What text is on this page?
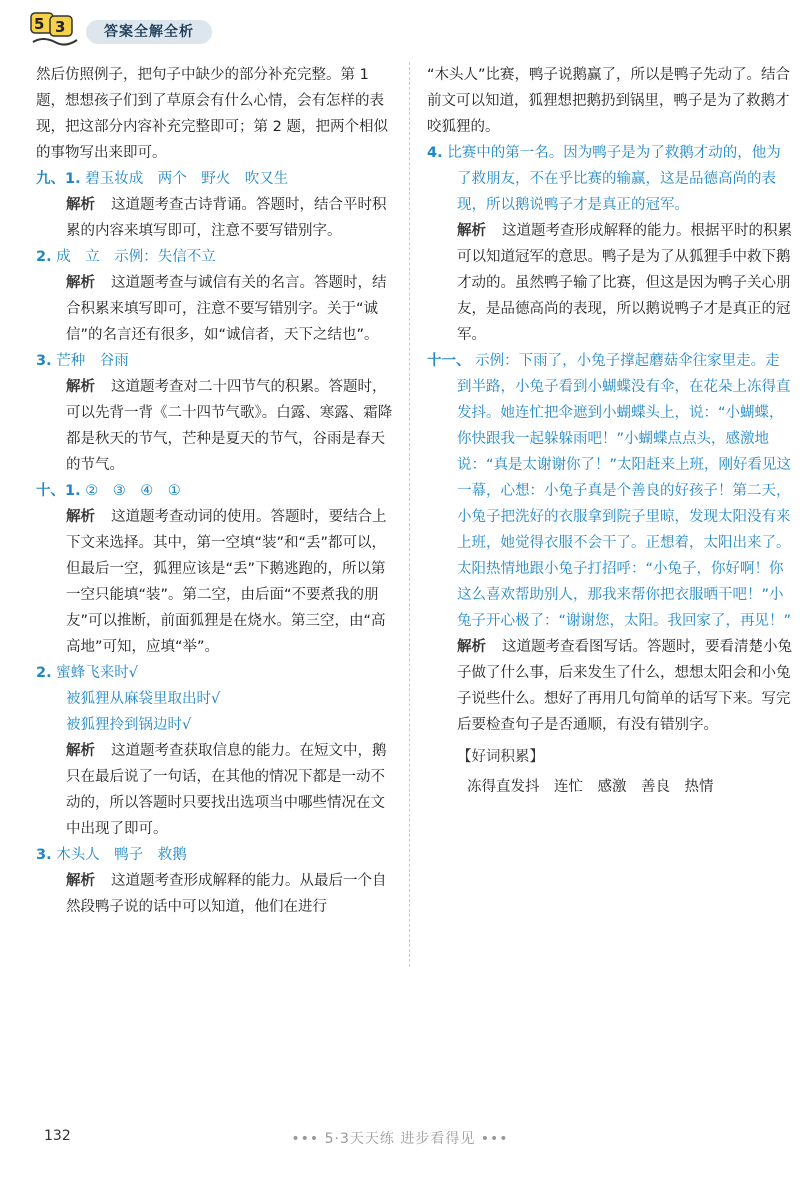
5 3	答案全解全析

然后仿照例子，把句子中缺少的部分补充完整。第 1 题，想想孩子们到了草原会有什么心情，会有怎样的表现，把这部分内容补充完整即可；第 2 题，把两个相似的事物写出来即可。

九、1. 碧玉妆成　两个　野火　吹又生

解析 这道题考查古诗背诵。答题时，结合平时积累的内容来填写即可，注意不要写错别字。

2. 成　立　示例：失信不立

解析 这道题考查与诚信有关的名言。答题时，结合积累来填写即可，注意不要写错别字。关于“诚信”的名言还有很多，如“诚信者，天下之结也”。

3. 芒种　谷雨

解析 这道题考查对二十四节气的积累。答题时，可以先背一背《二十四节气歌》。白露、寒露、霜降都是秋天的节气，芒种是夏天的节气，谷雨是春天的节气。

十、1. ②　③　④　①

解析 这道题考查动词的使用。答题时，要结合上下文来选择。其中，第一空填“装”和“丢”都可以，但最后一空，狐狸应该是“丢”下鹅逃跑的，所以第一空只能填“装”。第二空，由后面“不要煮我的朋友”可以推断，前面狐狸是在烧水。第三空，由“高高地”可知，应填“举”。

2. 蜜蜂飞来时√

被狐狸从麻袋里取出时√

被狐狸拎到锅边时√

解析 这道题考查获取信息的能力。在短文中，鹅只在最后说了一句话，在其他的情况下都是一动不动的，所以答题时只要找出选项当中哪些情况在文中出现了即可。

3. 木头人　鸭子　救鹅

解析 这道题考查形成解释的能力。从最后一个自然段鸭子说的话中可以知道，他们在进行

“木头人”比赛，鸭子说鹅赢了，所以是鸭子先动了。结合前文可以知道，狐狸想把鹅扔到锅里，鸭子是为了救鹅才咬狐狸的。

4. 比赛中的第一名。因为鸭子是为了救鹅才动的，他为了救朋友，不在乎比赛的输赢，这是品德高尚的表现，所以鹅说鸭子才是真正的冠军。

解析 这道题考查形成解释的能力。根据平时的积累可以知道冠军的意思。鸭子是为了从狐狸手中救下鹅才动的。虽然鸭子输了比赛，但这是因为鸭子关心朋友，是品德高尚的表现，所以鹅说鸭子才是真正的冠军。

十一、 示例：下雨了，小兔子撑起蘑菇伞往家里走。走到半路，小兔子看到小蝴蝶没有伞，在花朵上冻得直发抖。她连忙把伞遮到小蝴蝶头上，说：“小蝴蝶，你快跟我一起躲躲雨吧！”小蝴蝶点点头，感激地说：“真是太谢谢你了！”太阳赶来上班，刚好看见这一幕，心想：小兔子真是个善良的好孩子！第二天，小兔子把洗好的衣服拿到院子里晾，发现太阳没有来上班，她觉得衣服不会干了。正想着，太阳出来了。太阳热情地跟小兔子打招呼：“小兔子，你好啊！你这么喜欢帮助别人，那我来帮你把衣服晒干吧！”小兔子开心极了：“谢谢您，太阳。我回家了，再见！”

解析 这道题考查看图写话。答题时，要看清楚小兔子做了什么事，后来发生了什么，想想太阳会和小兔子说些什么。想好了再用几句简单的话写下来。写完后要检查句子是否通顺，有没有错别字。

【好词积累】

冻得直发抖　连忙　感激　善良　热情

132	••• 5·3天天练 进步看得见 •••
